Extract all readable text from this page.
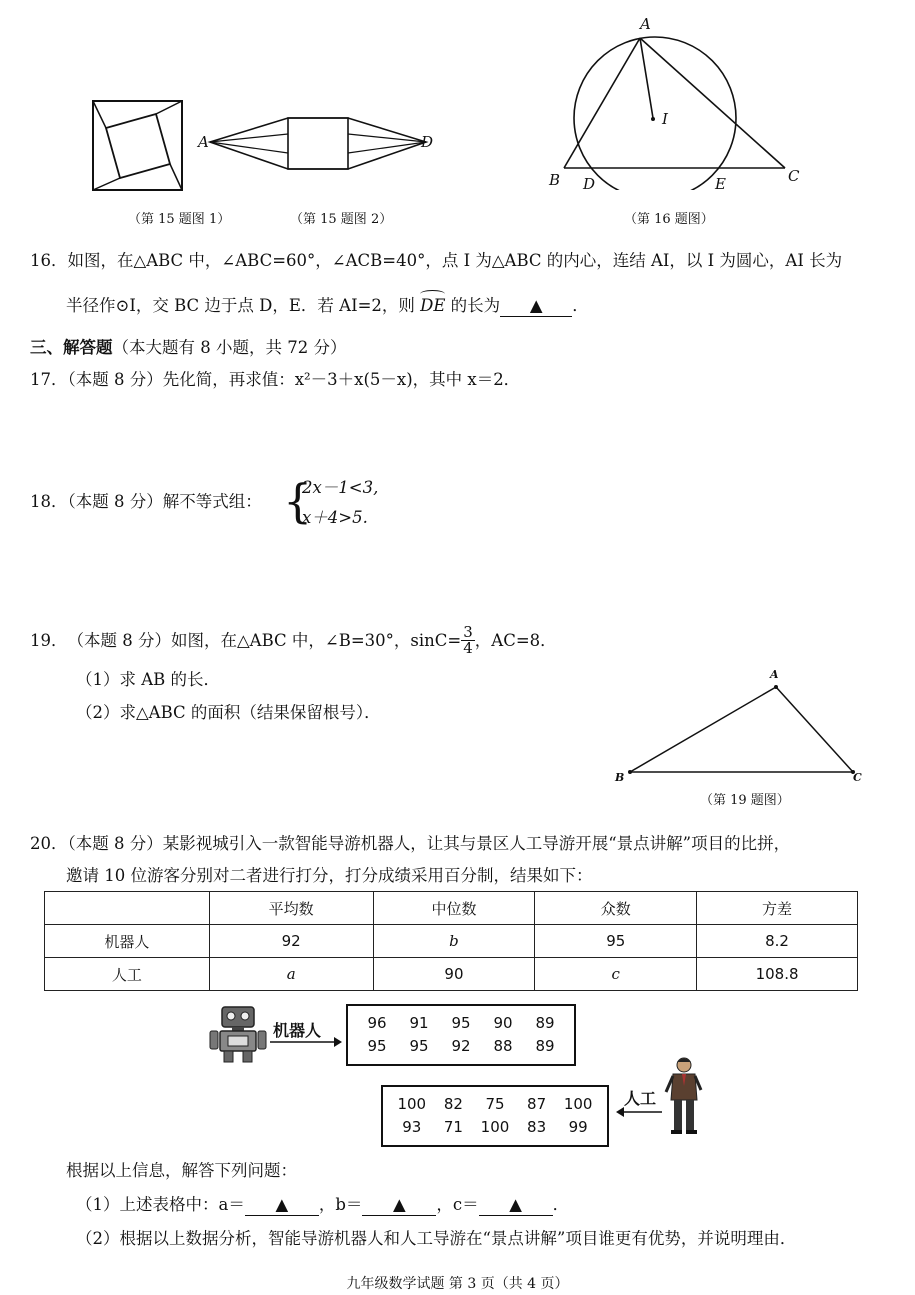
（第 15 题图 1）
A	D
（第 15 题图 2）
A
I
B D	E	C
（第 16 题图）
16．如图，在△ABC 中，∠ABC=60°，∠ACB=40°，点 I 为△ABC 的内心，连结 AI，以 I 为圆心，AI 长为
半径作⊙I，交 BC 边于点 D，E．若 AI=2，则
DE 的长为 ▲ ．
三、解答题（本大题有 8 小题，共 72 分）
17．（本题 8 分）先化简，再求值：x²－3＋x(5－x)，其中 x＝2．
18．（本题 8 分）解不等式组： {
2x－1<3,
x＋4>5.
19． （本题 8 分）如图，在△ABC 中，∠B=30°，$\sin C= \frac{3}{4}$ ，AC=8．
（1）求 AB 的长．
（2）求△ABC 的面积（结果保留根号）．
A
B	C
（第 19 题图）
20．（本题 8 分）某影视城引入一款智能导游机器人，让其与景区人工导游开展“景点讲解”项目的比拼，
邀请 10 位游客分别对二者进行打分，打分成绩采用百分制，结果如下：
	平均数	中位数	众数	方差
机器人	92	b	95	8.2
人工	a	90	c	108.8
机器人	96	91	95	90	89
95	95	92	88	89
100	82	75	87	100
93	71	100	83	99
人工
根据以上信息，解答下列问题：
（1）上述表格中：a＝ ▲ ，b＝ ▲ ，c＝ ▲ ．
（2）根据以上数据分析，智能导游机器人和人工导游在“景点讲解”项目谁更有优势，并说明理由．
九年级数学试题 第 3 页（共 4 页）
